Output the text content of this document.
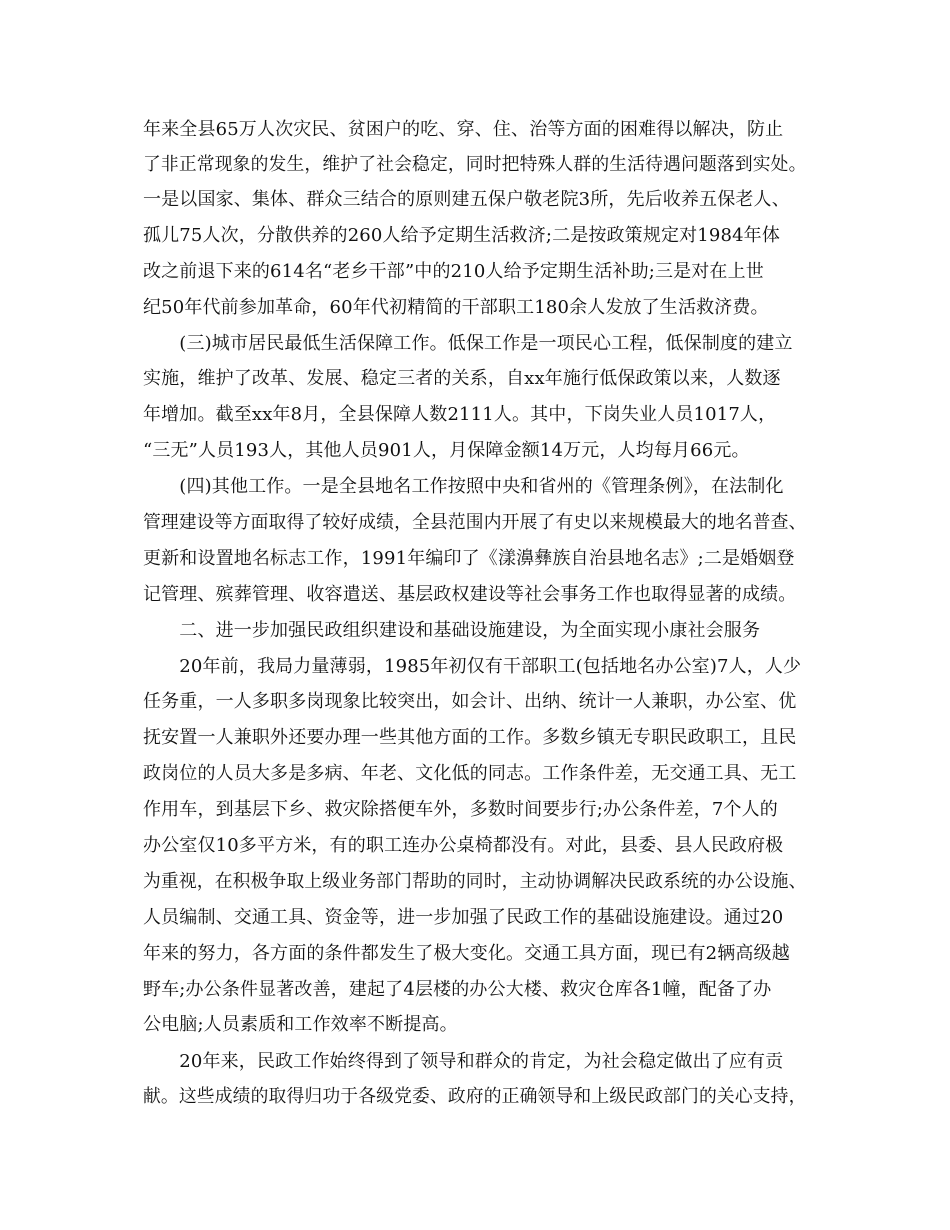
年来全县65万人次灾民、贫困户的吃、穿、住、治等方面的困难得以解决，防止
了非正常现象的发生，维护了社会稳定，同时把特殊人群的生活待遇问题落到实处。
一是以国家、集体、群众三结合的原则建五保户敬老院3所，先后收养五保老人、
孤儿75人次，分散供养的260人给予定期生活救济;二是按政策规定对1984年体
改之前退下来的614名“老乡干部”中的210人给予定期生活补助;三是对在上世
纪50年代前参加革命，60年代初精简的干部职工180余人发放了生活救济费。
　　(三)城市居民最低生活保障工作。低保工作是一项民心工程，低保制度的建立
实施，维护了改革、发展、稳定三者的关系，自xx年施行低保政策以来，人数逐
年增加。截至xx年8月，全县保障人数2111人。其中，下岗失业人员1017人，
“三无”人员193人，其他人员901人，月保障金额14万元，人均每月66元。
　　(四)其他工作。一是全县地名工作按照中央和省州的《管理条例》，在法制化
管理建设等方面取得了较好成绩，全县范围内开展了有史以来规模最大的地名普查、
更新和设置地名标志工作，1991年编印了《漾濞彝族自治县地名志》;二是婚姻登
记管理、殡葬管理、收容遣送、基层政权建设等社会事务工作也取得显著的成绩。
　　二、进一步加强民政组织建设和基础设施建设，为全面实现小康社会服务
　　20年前，我局力量薄弱，1985年初仅有干部职工(包括地名办公室)7人，人少
任务重，一人多职多岗现象比较突出，如会计、出纳、统计一人兼职，办公室、优
抚安置一人兼职外还要办理一些其他方面的工作。多数乡镇无专职民政职工，且民
政岗位的人员大多是多病、年老、文化低的同志。工作条件差，无交通工具、无工
作用车，到基层下乡、救灾除搭便车外，多数时间要步行;办公条件差，7个人的
办公室仅10多平方米，有的职工连办公桌椅都没有。对此，县委、县人民政府极
为重视，在积极争取上级业务部门帮助的同时，主动协调解决民政系统的办公设施、
人员编制、交通工具、资金等，进一步加强了民政工作的基础设施建设。通过20
年来的努力，各方面的条件都发生了极大变化。交通工具方面，现已有2辆高级越
野车;办公条件显著改善，建起了4层楼的办公大楼、救灾仓库各1幢，配备了办
公电脑;人员素质和工作效率不断提高。
　　20年来，民政工作始终得到了领导和群众的肯定，为社会稳定做出了应有贡
献。这些成绩的取得归功于各级党委、政府的正确领导和上级民政部门的关心支持，
